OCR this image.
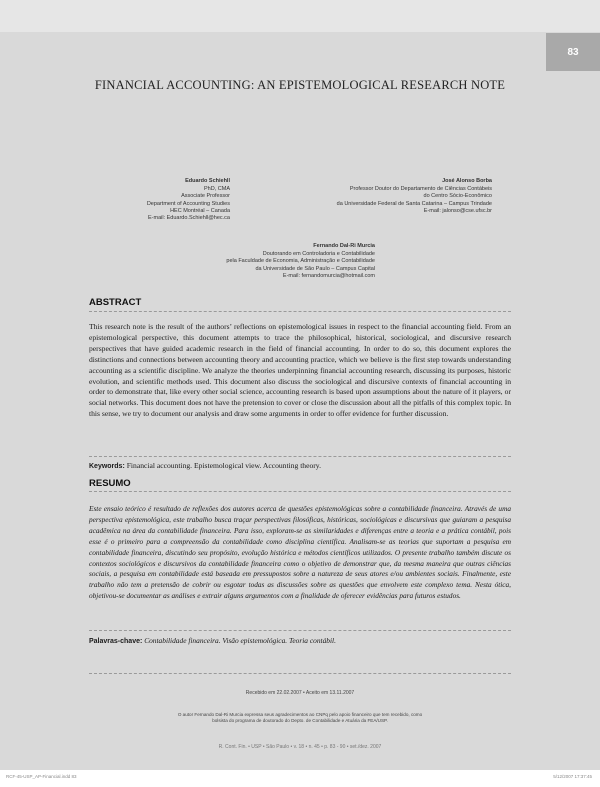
83
FINANCIAL ACCOUNTING: AN EPISTEMOLOGICAL RESEARCH NOTE
Eduardo Schiehll
PhD, CMA
Associate Professor
Department of Accounting Studies
HEC Montréal – Canada
E-mail: Eduardo.Schiehll@hec.ca
José Alonso Borba
Professor Doutor do Departamento de Ciências Contábeis
do Centro Sócio-Econômico
da Universidade Federal de Santa Catarina – Campus Trindade
E-mail: jalonso@cse.ufsc.br
Fernando Dal-Ri Murcia
Doutorando em Controladoria e Contabilidade
pela Faculdade de Economia, Administração e Contabilidade
da Universidade de São Paulo – Campus Capital
E-mail: fernandomurcia@hotmail.com
ABSTRACT
This research note is the result of the authors’ reflections on epistemological issues in respect to the financial accounting field. From an epistemological perspective, this document attempts to trace the philosophical, historical, sociological, and discursive research perspectives that have guided academic research in the field of financial accounting. In order to do so, this document explores the distinctions and connections between accounting theory and accounting practice, which we believe is the first step towards understanding accounting as a scientific discipline. We analyze the theories underpinning financial accounting research, discussing its purposes, historic evolution, and scientific methods used. This document also discuss the sociological and discursive contexts of financial accounting in order to demonstrate that, like every other social science, accounting research is based upon assumptions about the nature of it players, or social networks. This document does not have the pretension to cover or close the discussion about all the pitfalls of this complex topic. In this sense, we try to document our analysis and draw some arguments in order to offer evidence for further discussion.
Keywords: Financial accounting. Epistemological view. Accounting theory.
RESUMO
Este ensaio teórico é resultado de reflexões dos autores acerca de questões epistemológicas sobre a contabilidade financeira. Através de uma perspectiva epistemológica, este trabalho busca traçar perspectivas filosóficas, históricas, sociológicas e discursivas que guiaram a pesquisa acadêmica na área da contabilidade financeira. Para isso, exploram-se as similaridades e diferenças entre a teoria e a prática contábil, pois esse é o primeiro para a compreensão da contabilidade como disciplina científica. Analisam-se as teorias que suportam a pesquisa em contabilidade financeira, discutindo seu propósito, evolução histórica e métodos científicos utilizados. O presente trabalho também discute os contextos sociológicos e discursivos da contabilidade financeira como o objetivo de demonstrar que, da mesma maneira que outras ciências sociais, a pesquisa em contabilidade está baseada em pressupostos sobre a natureza de seus atores e/ou ambientes sociais. Finalmente, este trabalho não tem a pretensão de cobrir ou esgotar todas as discussões sobre as questões que envolvem este complexo tema. Nesta ótica, objetivou-se documentar as análises e extrair alguns argumentos com a finalidade de oferecer evidências para futuros estudos.
Palavras-chave: Contabilidade financeira. Visão epistemológica. Teoria contábil.
Recebido em 22.02.2007 • Aceito em 13.11.2007
O autor Fernando Dal-Ri Murcia expressa seus agradecimentos ao CNPq pelo apoio financeiro que tem recebido, como bolsista do programa de doutorado do Depto. de Contabilidade e Atuária da FEA/USP.
R. Cont. Fin. • USP • São Paulo • v. 18 • n. 45 • p. 83 - 90 • set./dez. 2007
RCF-45-USP_AP-Financial.indd 83	5/12/2007 17:37:45
